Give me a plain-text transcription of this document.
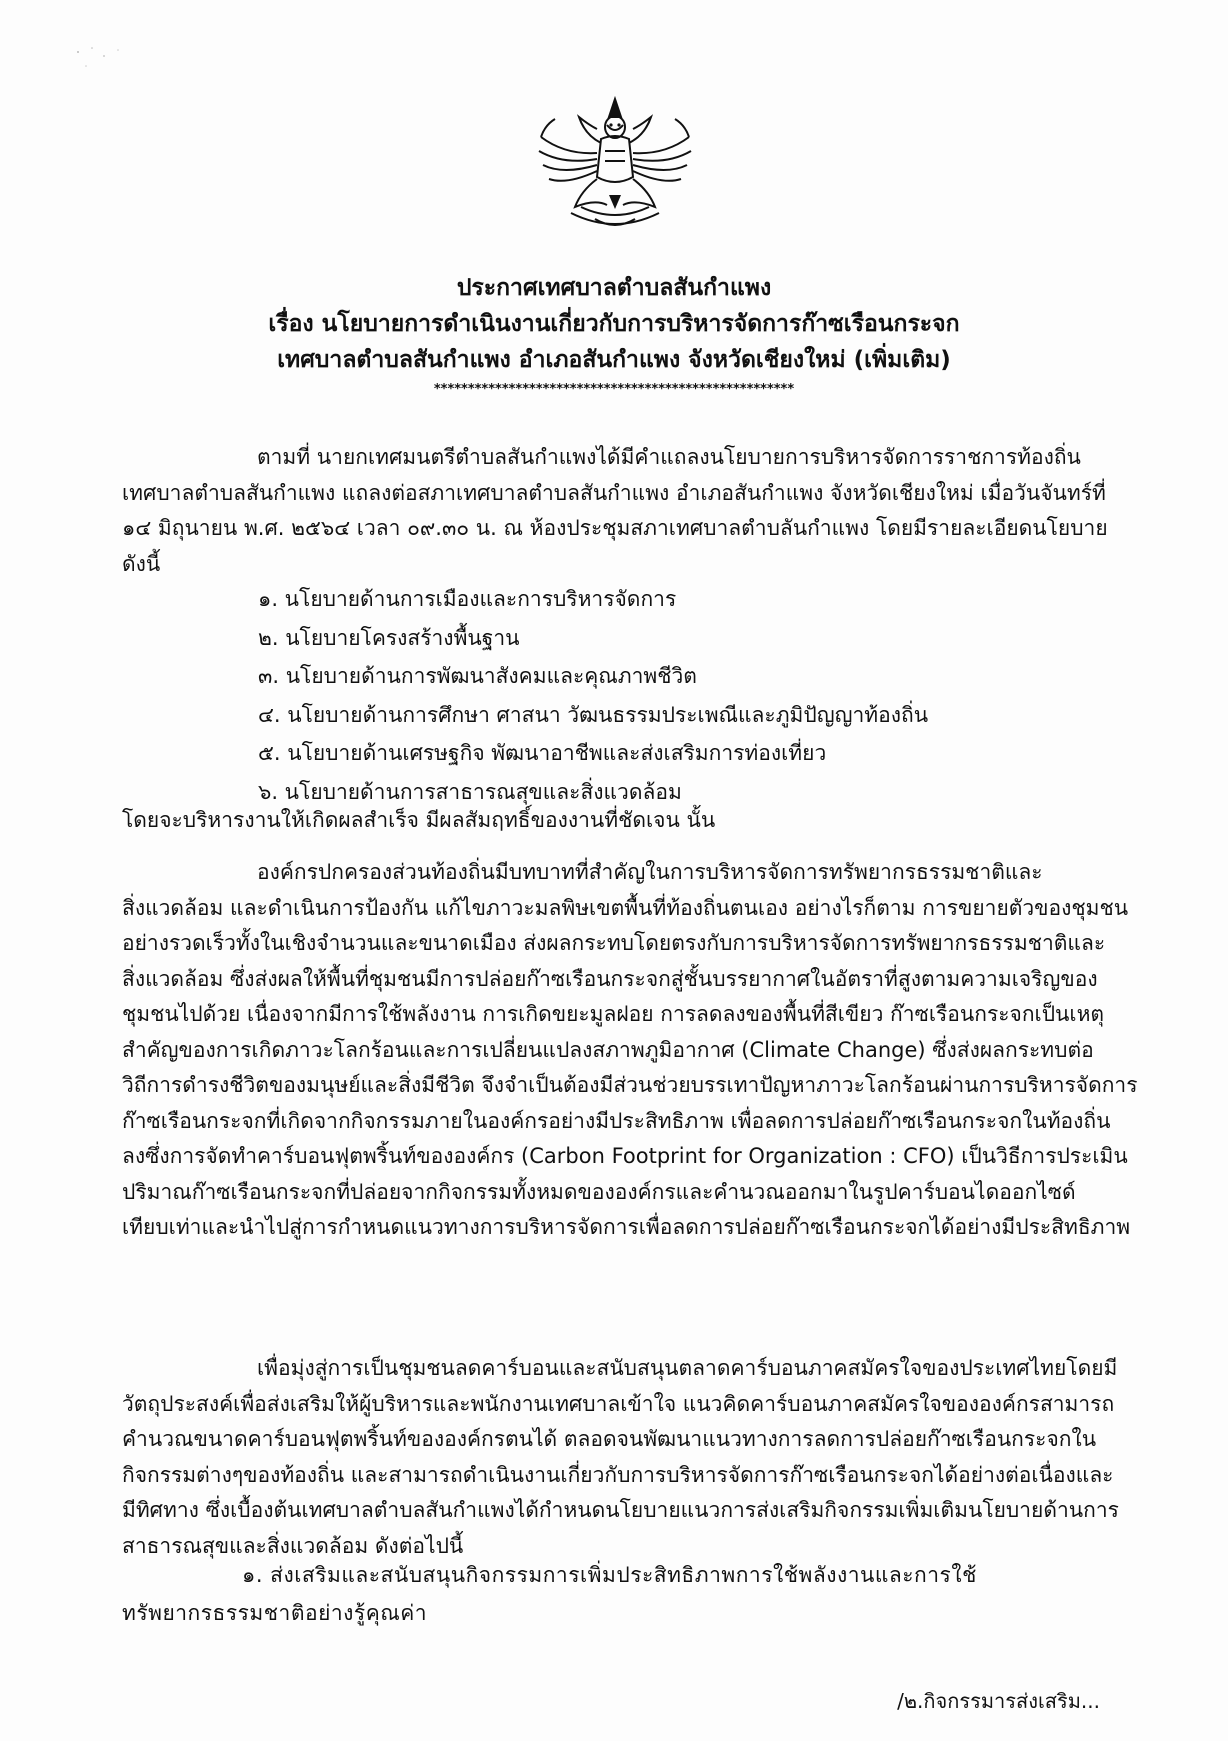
ประกาศเทศบาลตำบลสันกำแพง
เรื่อง นโยบายการดำเนินงานเกี่ยวกับการบริหารจัดการก๊าซเรือนกระจก
เทศบาลตำบลสันกำแพง อำเภอสันกำแพง จังหวัดเชียงใหม่ (เพิ่มเติม)
*****************************************************
ตามที่ นายกเทศมนตรีตำบลสันกำแพงได้มีคำแถลงนโยบายการบริหารจัดการราชการท้องถิ่น
เทศบาลตำบลสันกำแพง แถลงต่อสภาเทศบาลตำบลสันกำแพง อำเภอสันกำแพง จังหวัดเชียงใหม่ เมื่อวันจันทร์ที่
๑๔ มิถุนายน พ.ศ. ๒๕๖๔ เวลา ๐๙.๓๐ น. ณ ห้องประชุมสภาเทศบาลตำบลันกำแพง โดยมีรายละเอียดนโยบาย
ดังนี้
๑. นโยบายด้านการเมืองและการบริหารจัดการ
๒. นโยบายโครงสร้างพื้นฐาน
๓. นโยบายด้านการพัฒนาสังคมและคุณภาพชีวิต
๔. นโยบายด้านการศึกษา ศาสนา วัฒนธรรมประเพณีและภูมิปัญญาท้องถิ่น
๕. นโยบายด้านเศรษฐกิจ พัฒนาอาชีพและส่งเสริมการท่องเที่ยว
๖. นโยบายด้านการสาธารณสุขและสิ่งแวดล้อม
โดยจะบริหารงานให้เกิดผลสำเร็จ มีผลสัมฤทธิ์ของงานที่ชัดเจน นั้น
องค์กรปกครองส่วนท้องถิ่นมีบทบาทที่สำคัญในการบริหารจัดการทรัพยากรธรรมชาติและ
สิ่งแวดล้อม และดำเนินการป้องกัน แก้ไขภาวะมลพิษเขตพื้นที่ท้องถิ่นตนเอง อย่างไรก็ตาม การขยายตัวของชุมชน
อย่างรวดเร็วทั้งในเชิงจำนวนและขนาดเมือง ส่งผลกระทบโดยตรงกับการบริหารจัดการทรัพยากรธรรมชาติและ
สิ่งแวดล้อม ซึ่งส่งผลให้พื้นที่ชุมชนมีการปล่อยก๊าซเรือนกระจกสู่ชั้นบรรยากาศในอัตราที่สูงตามความเจริญของ
ชุมชนไปด้วย เนื่องจากมีการใช้พลังงาน การเกิดขยะมูลฝอย การลดลงของพื้นที่สีเขียว ก๊าซเรือนกระจกเป็นเหตุ
สำคัญของการเกิดภาวะโลกร้อนและการเปลี่ยนแปลงสภาพภูมิอากาศ (Climate Change) ซึ่งส่งผลกระทบต่อ
วิถีการดำรงชีวิตของมนุษย์และสิ่งมีชีวิต จึงจำเป็นต้องมีส่วนช่วยบรรเทาปัญหาภาวะโลกร้อนผ่านการบริหารจัดการ
ก๊าซเรือนกระจกที่เกิดจากกิจกรรมภายในองค์กรอย่างมีประสิทธิภาพ เพื่อลดการปล่อยก๊าซเรือนกระจกในท้องถิ่น
ลงซึ่งการจัดทำคาร์บอนฟุตพริ้นท์ขององค์กร (Carbon Footprint for Organization : CFO) เป็นวิธีการประเมิน
ปริมาณก๊าซเรือนกระจกที่ปล่อยจากกิจกรรมทั้งหมดขององค์กรและคำนวณออกมาในรูปคาร์บอนไดออกไซด์
เทียบเท่าและนำไปสู่การกำหนดแนวทางการบริหารจัดการเพื่อลดการปล่อยก๊าซเรือนกระจกได้อย่างมีประสิทธิภาพ
เพื่อมุ่งสู่การเป็นชุมชนลดคาร์บอนและสนับสนุนตลาดคาร์บอนภาคสมัครใจของประเทศไทยโดยมี
วัตถุประสงค์เพื่อส่งเสริมให้ผู้บริหารและพนักงานเทศบาลเข้าใจ แนวคิดคาร์บอนภาคสมัครใจขององค์กรสามารถ
คำนวณขนาดคาร์บอนฟุตพริ้นท์ขององค์กรตนได้ ตลอดจนพัฒนาแนวทางการลดการปล่อยก๊าซเรือนกระจกใน
กิจกรรมต่างๆของท้องถิ่น และสามารถดำเนินงานเกี่ยวกับการบริหารจัดการก๊าซเรือนกระจกได้อย่างต่อเนื่องและ
มีทิศทาง ซึ่งเบื้องต้นเทศบาลตำบลสันกำแพงได้กำหนดนโยบายแนวการส่งเสริมกิจกรรมเพิ่มเติมนโยบายด้านการ
สาธารณสุขและสิ่งแวดล้อม ดังต่อไปนี้
๑. ส่งเสริมและสนับสนุนกิจกรรมการเพิ่มประสิทธิภาพการใช้พลังงานและการใช้
ทรัพยากรธรรมชาติอย่างรู้คุณค่า
/๒.กิจกรรมารส่งเสริม...
